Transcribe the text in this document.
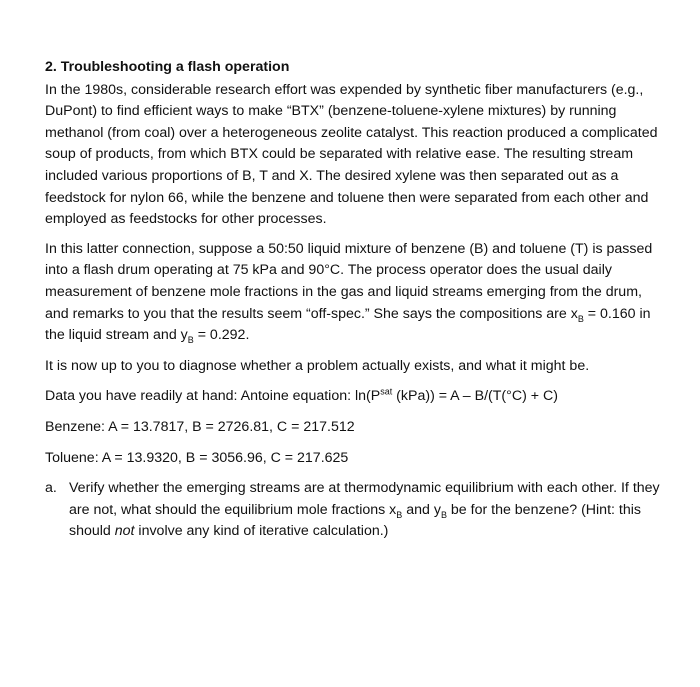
2. Troubleshooting a flash operation

In the 1980s, considerable research effort was expended by synthetic fiber manufacturers (e.g., DuPont) to find efficient ways to make “BTX” (benzene-toluene-xylene mixtures) by running methanol (from coal) over a heterogeneous zeolite catalyst. This reaction produced a complicated soup of products, from which BTX could be separated with relative ease. The resulting stream included various proportions of B, T and X. The desired xylene was then separated out as a feedstock for nylon 66, while the benzene and toluene then were separated from each other and employed as feedstocks for other processes.

In this latter connection, suppose a 50:50 liquid mixture of benzene (B) and toluene (T) is passed into a flash drum operating at 75 kPa and 90°C. The process operator does the usual daily measurement of benzene mole fractions in the gas and liquid streams emerging from the drum, and remarks to you that the results seem “off-spec.” She says the compositions are $x_B = 0.160$ in the liquid stream and $y_B = 0.292$.

It is now up to you to diagnose whether a problem actually exists, and what it might be.

Data you have readily at hand: Antoine equation: $\ln(P^{sat}$ (kPa)) = A – B/(T(°C) + C)

Benzene: A = 13.7817, B = 2726.81, C = 217.512

Toluene: A = 13.9320, B = 3056.96, C = 217.625

a. Verify whether the emerging streams are at thermodynamic equilibrium with each other. If they are not, what should the equilibrium mole fractions $x_B$ and $y_B$ be for the benzene? (Hint: this should not involve any kind of iterative calculation.)
